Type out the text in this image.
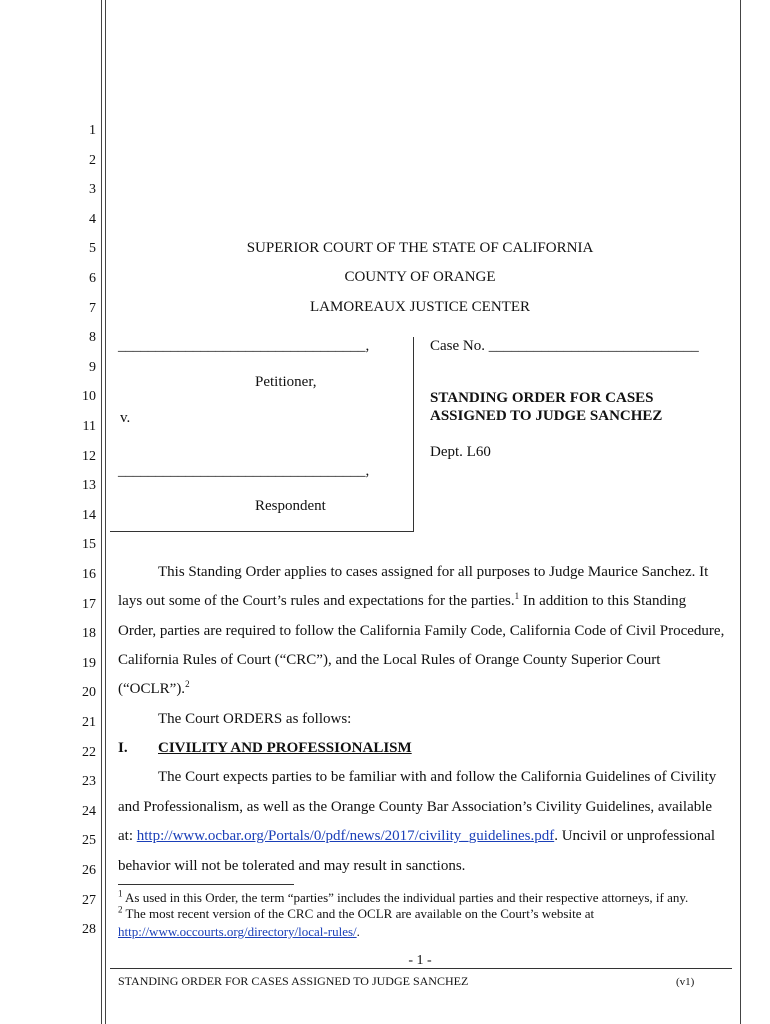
1
2
3
4
5
6
7
8
9
10
11
12
13
14
15
16
17
18
19
20
21
22
23
24
25
26
27
28
SUPERIOR COURT OF THE STATE OF CALIFORNIA
COUNTY OF ORANGE
LAMOREAUX JUSTICE CENTER
_________________________________,
Petitioner,
v.
_________________________________,
Respondent
Case No. ____________________________
STANDING ORDER FOR CASES
ASSIGNED TO JUDGE SANCHEZ
Dept. L60
This Standing Order applies to cases assigned for all purposes to Judge Maurice Sanchez. It
lays out some of the Court’s rules and expectations for the parties.$^1$ In addition to this Standing
Order, parties are required to follow the California Family Code, California Code of Civil Procedure,
California Rules of Court (“CRC”), and the Local Rules of Orange County Superior Court
(“OCLR”).$^2$
The Court ORDERS as follows:
I. CIVILITY AND PROFESSIONALISM
The Court expects parties to be familiar with and follow the California Guidelines of Civility
and Professionalism, as well as the Orange County Bar Association’s Civility Guidelines, available
at: http://www.ocbar.org/Portals/0/pdf/news/2017/civility_guidelines.pdf. Uncivil or unprofessional
behavior will not be tolerated and may result in sanctions.
$^1$ As used in this Order, the term “parties” includes the individual parties and their respective attorneys, if any.
$^2$ The most recent version of the CRC and the OCLR are available on the Court’s website at
http://www.occourts.org/directory/local-rules/.
- 1 -
STANDING ORDER FOR CASES ASSIGNED TO JUDGE SANCHEZ	(v1)
